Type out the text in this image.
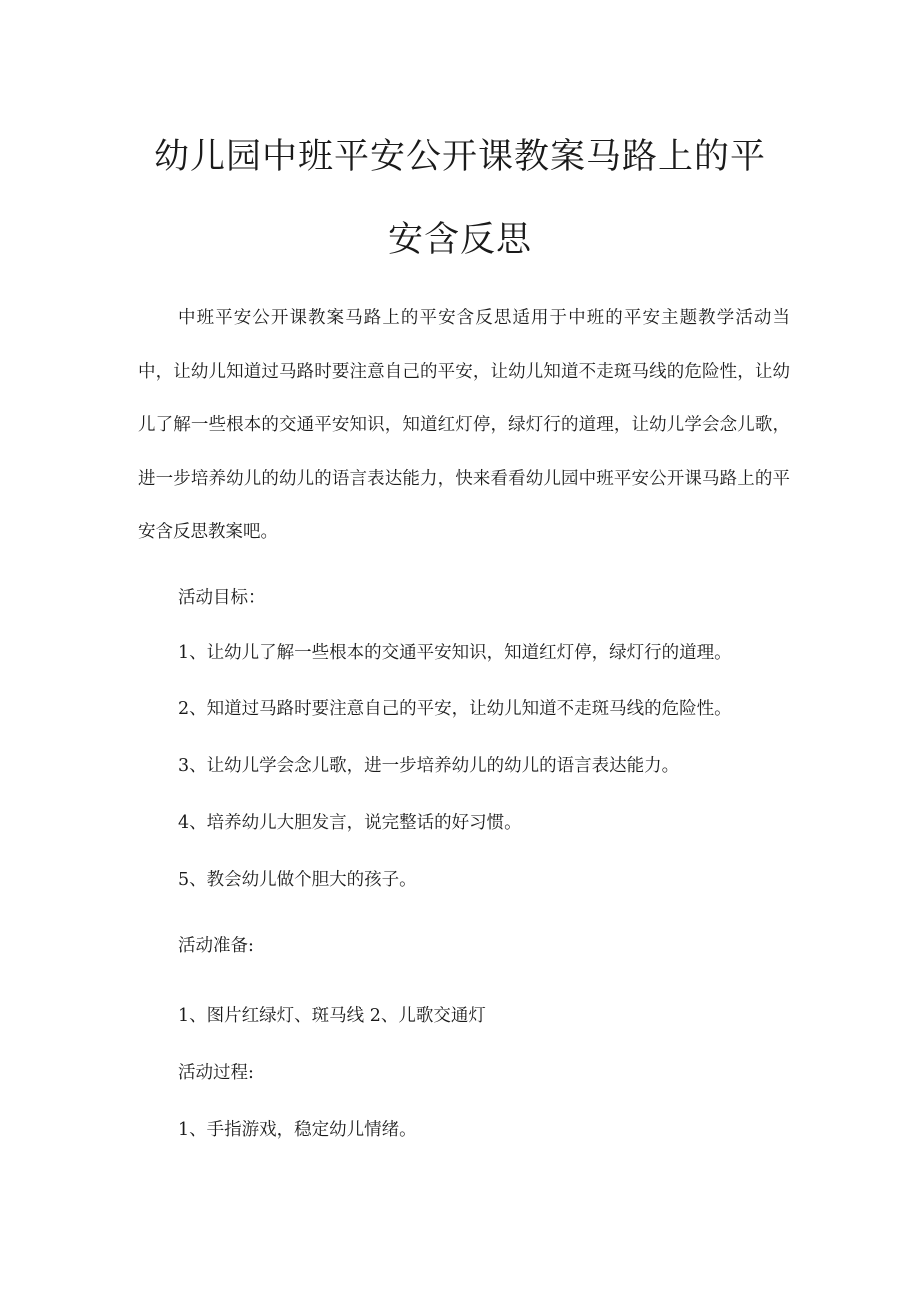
幼儿园中班平安公开课教案马路上的平
安含反思

中班平安公开课教案马路上的平安含反思适用于中班的平安主题教学活动当中，让幼儿知道过马路时要注意自己的平安，让幼儿知道不走斑马线的危险性，让幼儿了解一些根本的交通平安知识，知道红灯停，绿灯行的道理，让幼儿学会念儿歌，进一步培养幼儿的幼儿的语言表达能力，快来看看幼儿园中班平安公开课马路上的平安含反思教案吧。

活动目标：

1、让幼儿了解一些根本的交通平安知识，知道红灯停，绿灯行的道理。

2、知道过马路时要注意自己的平安，让幼儿知道不走斑马线的危险性。

3、让幼儿学会念儿歌，进一步培养幼儿的幼儿的语言表达能力。

4、培养幼儿大胆发言，说完整话的好习惯。

5、教会幼儿做个胆大的孩子。

活动准备:

1、图片红绿灯、斑马线 2、儿歌交通灯

活动过程:

1、手指游戏，稳定幼儿情绪。
